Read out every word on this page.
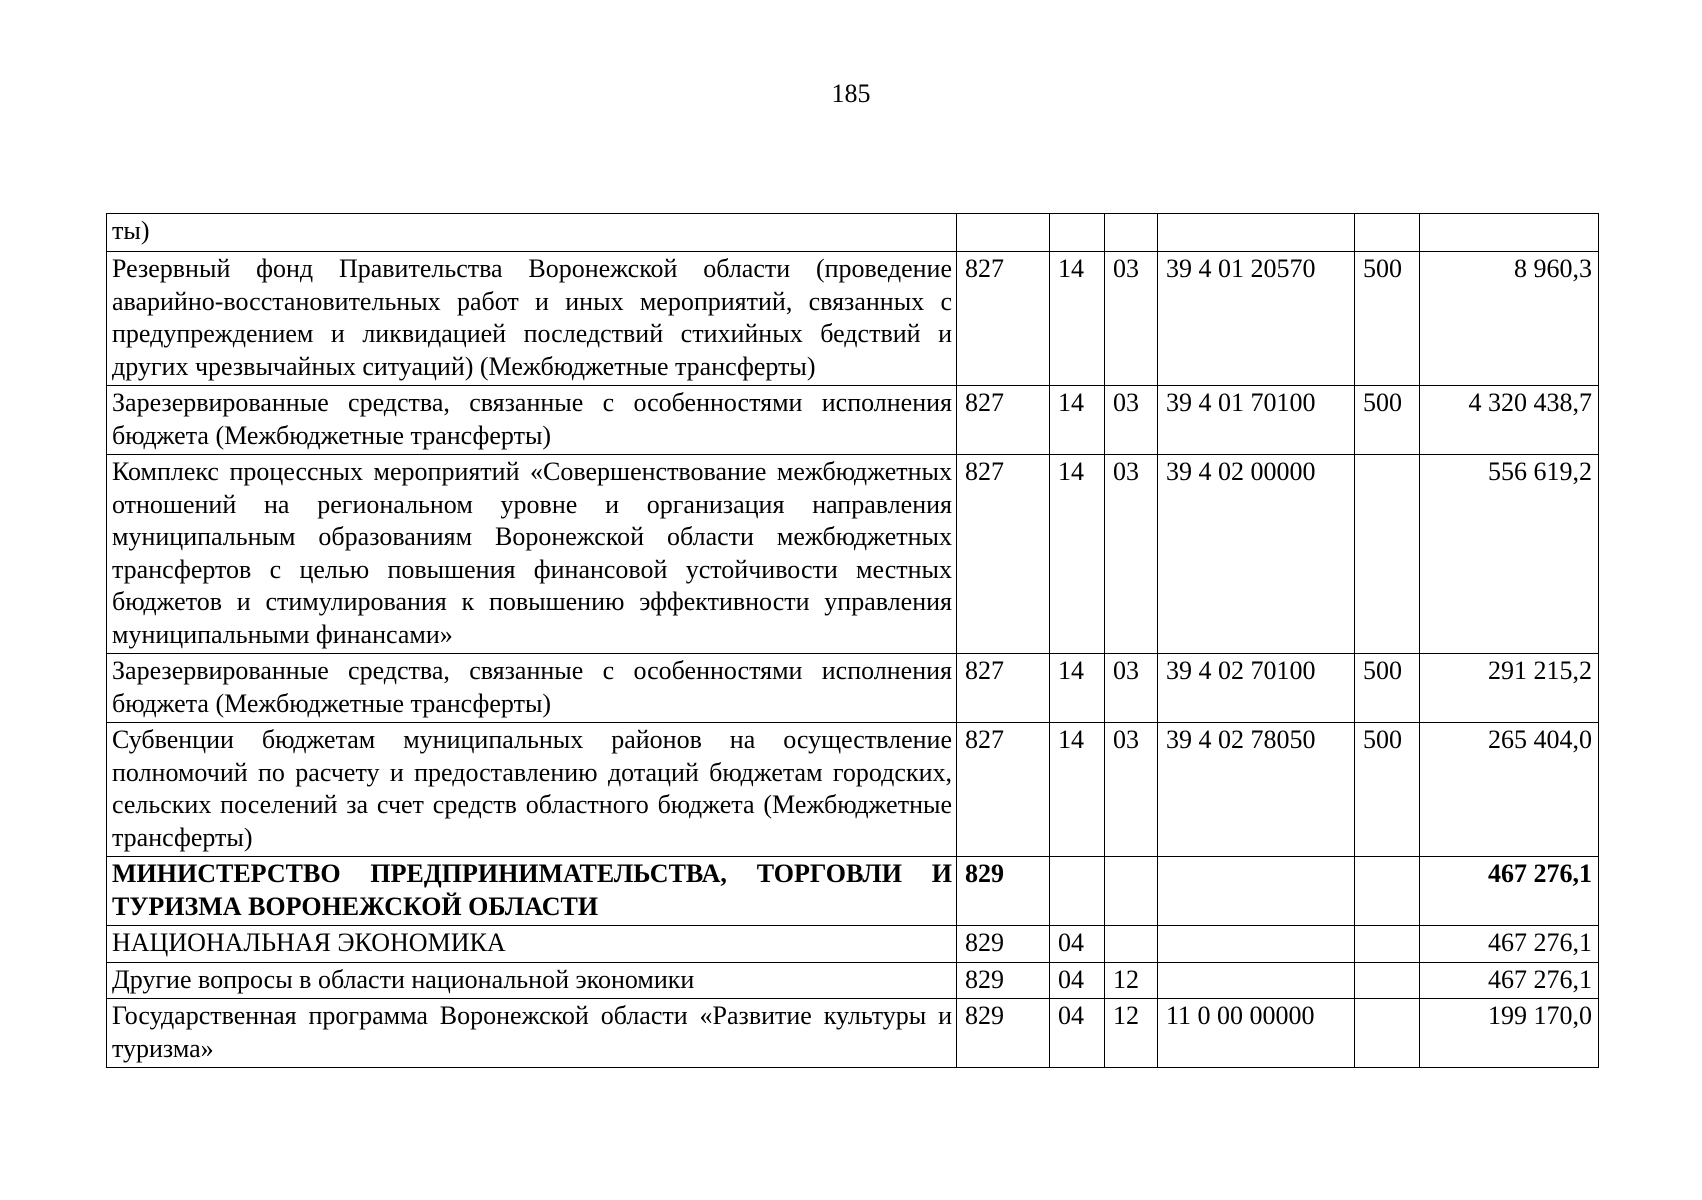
185
ты)						
Резервный фонд Правительства Воронежской области (проведение аварийно-восстановительных работ и иных мероприятий, связанных с предупреждением и ликвидацией последствий стихийных бедствий и других чрезвычайных ситуаций) (Межбюджетные трансферты)	827	14	03	39 4 01 20570	500	8 960,3
Зарезервированные средства, связанные с особенностями исполнения бюджета (Межбюджетные трансферты)	827	14	03	39 4 01 70100	500	4 320 438,7
Комплекс процессных мероприятий «Совершенствование межбюджетных отношений на региональном уровне и организация направления муниципальным образованиям Воронежской области межбюджетных трансфертов с целью повышения финансовой устойчивости местных бюджетов и стимулирования к повышению эффективности управления муниципальными финансами»	827	14	03	39 4 02 00000		556 619,2
Зарезервированные средства, связанные с особенностями исполнения бюджета (Межбюджетные трансферты)	827	14	03	39 4 02 70100	500	291 215,2
Субвенции бюджетам муниципальных районов на осуществление полномочий по расчету и предоставлению дотаций бюджетам городских, сельских поселений за счет средств областного бюджета (Межбюджетные трансферты)	827	14	03	39 4 02 78050	500	265 404,0
МИНИСТЕРСТВО ПРЕДПРИНИМАТЕЛЬСТВА, ТОРГОВЛИ И ТУРИЗМА ВОРОНЕЖСКОЙ ОБЛАСТИ	829					467 276,1
НАЦИОНАЛЬНАЯ ЭКОНОМИКА	829	04				467 276,1
Другие вопросы в области национальной экономики	829	04	12			467 276,1
Государственная программа Воронежской области «Развитие культуры и туризма»	829	04	12	11 0 00 00000		199 170,0
